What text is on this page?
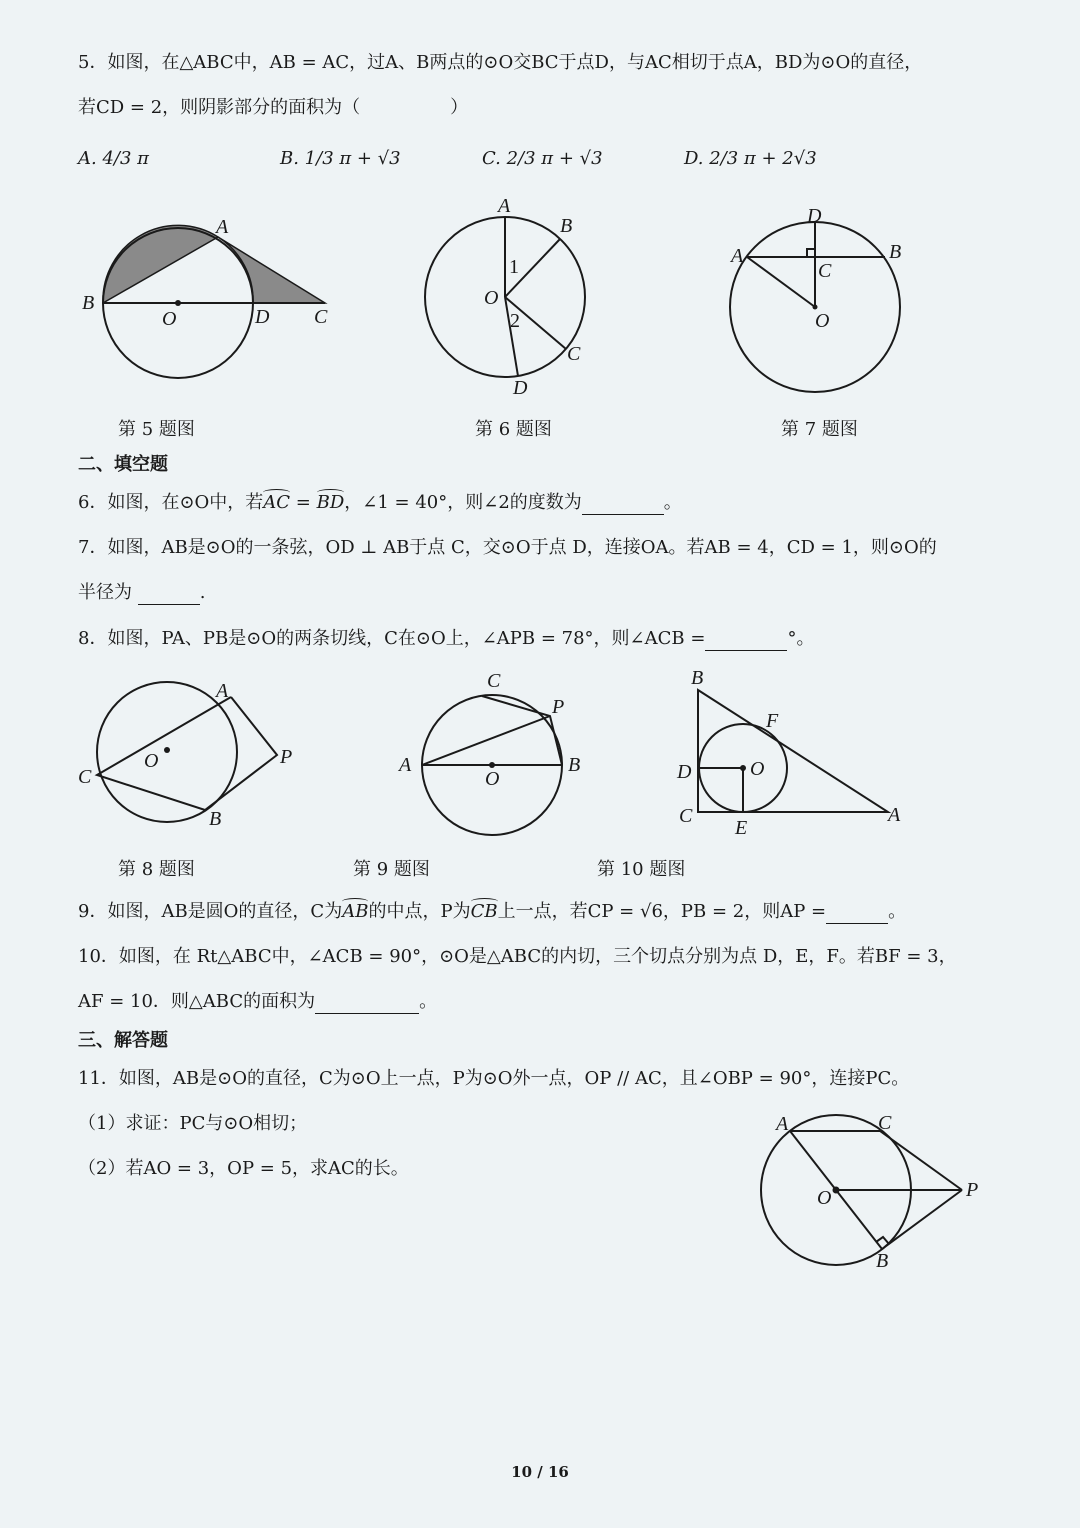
5．如图，在△ABC中，AB = AC，过A、B两点的⊙O交BC于点D，与AC相切于点A，BD为⊙O的直径，
若CD = 2，则阴影部分的面积为（　　　　　）
A. 4/3 π	B. 1/3 π + √3	C. 2/3 π + √3	D. 2/3 π + 2√3
A
B
O	D C
A
B
O
C
D
1
2
D
A	B
C
O
A
O	P
C
B
C
P
A
O
B
B
F
D	O
C
E
A
A	C
O	P
B
第 5 题图	第 6 题图	第 7 题图
二、填空题
6．如图，在⊙O中，若AC = BD，∠1 = 40°，则∠2的度数为	。
7．如图，AB是⊙O的一条弦，OD ⊥ AB于点 C，交⊙O于点 D，连接OA。若AB = 4，CD = 1，则⊙O的
半径为	.
8．如图，PA、PB是⊙O的两条切线，C在⊙O上，∠APB = 78°，则∠ACB =	°。
第 8 题图	第 9 题图	第 10 题图
9．如图，AB是圆O的直径，C为AB的中点，P为CB上一点，若CP = √6，PB = 2，则AP =	。
10．如图，在 Rt△ABC中，∠ACB = 90°，⊙O是△ABC的内切，三个切点分别为点 D，E，F。若BF = 3，
AF = 10．则△ABC的面积为	。
三、解答题
11．如图，AB是⊙O的直径，C为⊙O上一点，P为⊙O外一点，OP // AC，且∠OBP = 90°，连接PC。
（1）求证：PC与⊙O相切；
（2）若AO = 3，OP = 5，求AC的长。
10 / 16
